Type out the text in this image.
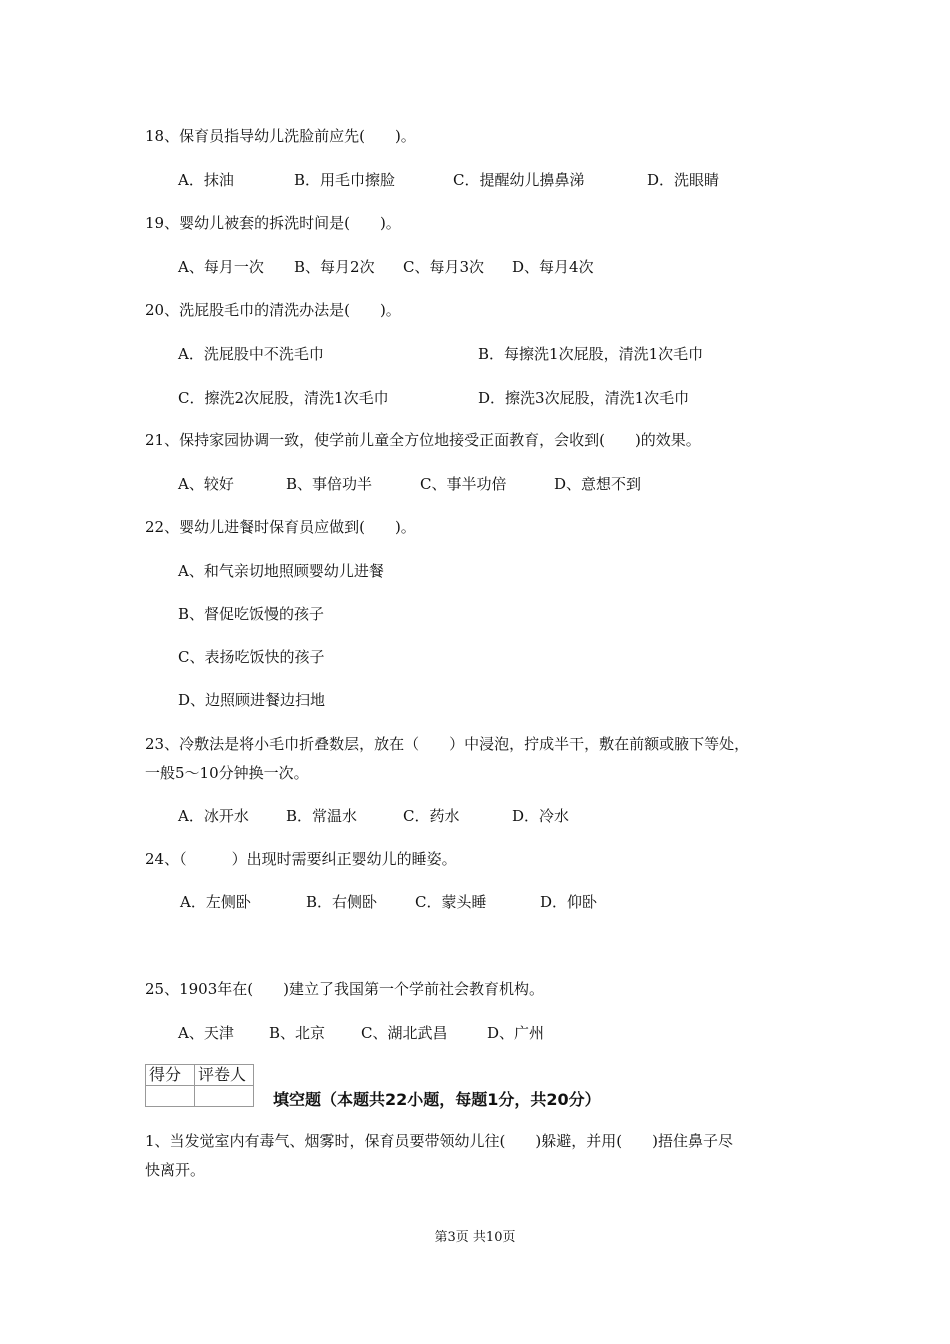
18、保育员指导幼儿洗脸前应先(　　)。
A．抹油	B．用毛巾擦脸	C．提醒幼儿擤鼻涕	D．洗眼睛
19、婴幼儿被套的拆洗时间是(　　)。
A、每月一次 B、每月2次 C、每月3次 D、每月4次
20、洗屁股毛巾的清洗办法是(　　)。
A．洗屁股中不洗毛巾	B．每擦洗1次屁股，清洗1次毛巾
C．擦洗2次屁股，清洗1次毛巾	D．擦洗3次屁股，清洗1次毛巾
21、保持家园协调一致，使学前儿童全方位地接受正面教育，会收到(　　)的效果。
A、较好	B、事倍功半	C、事半功倍	D、意想不到
22、婴幼儿进餐时保育员应做到(　　)。
A、和气亲切地照顾婴幼儿进餐
B、督促吃饭慢的孩子
C、表扬吃饭快的孩子
D、边照顾进餐边扫地
23、冷敷法是将小毛巾折叠数层，放在（　　）中浸泡，拧成半干，敷在前额或腋下等处，
一般5～10分钟换一次。
A．冰开水 B．常温水	C．药水	D．冷水
24、（　　　）出现时需要纠正婴幼儿的睡姿。
A．左侧卧	B．右侧卧	C．蒙头睡	D．仰卧
25、1903年在(　　)建立了我国第一个学前社会教育机构。
A、天津 B、北京 C、湖北武昌	D、广州
得分	评卷人

填空题（本题共22小题，每题1分，共20分）
1、当发觉室内有毒气、烟雾时，保育员要带领幼儿往(　　)躲避，并用(　　)捂住鼻子尽
快离开。
第3页 共10页
